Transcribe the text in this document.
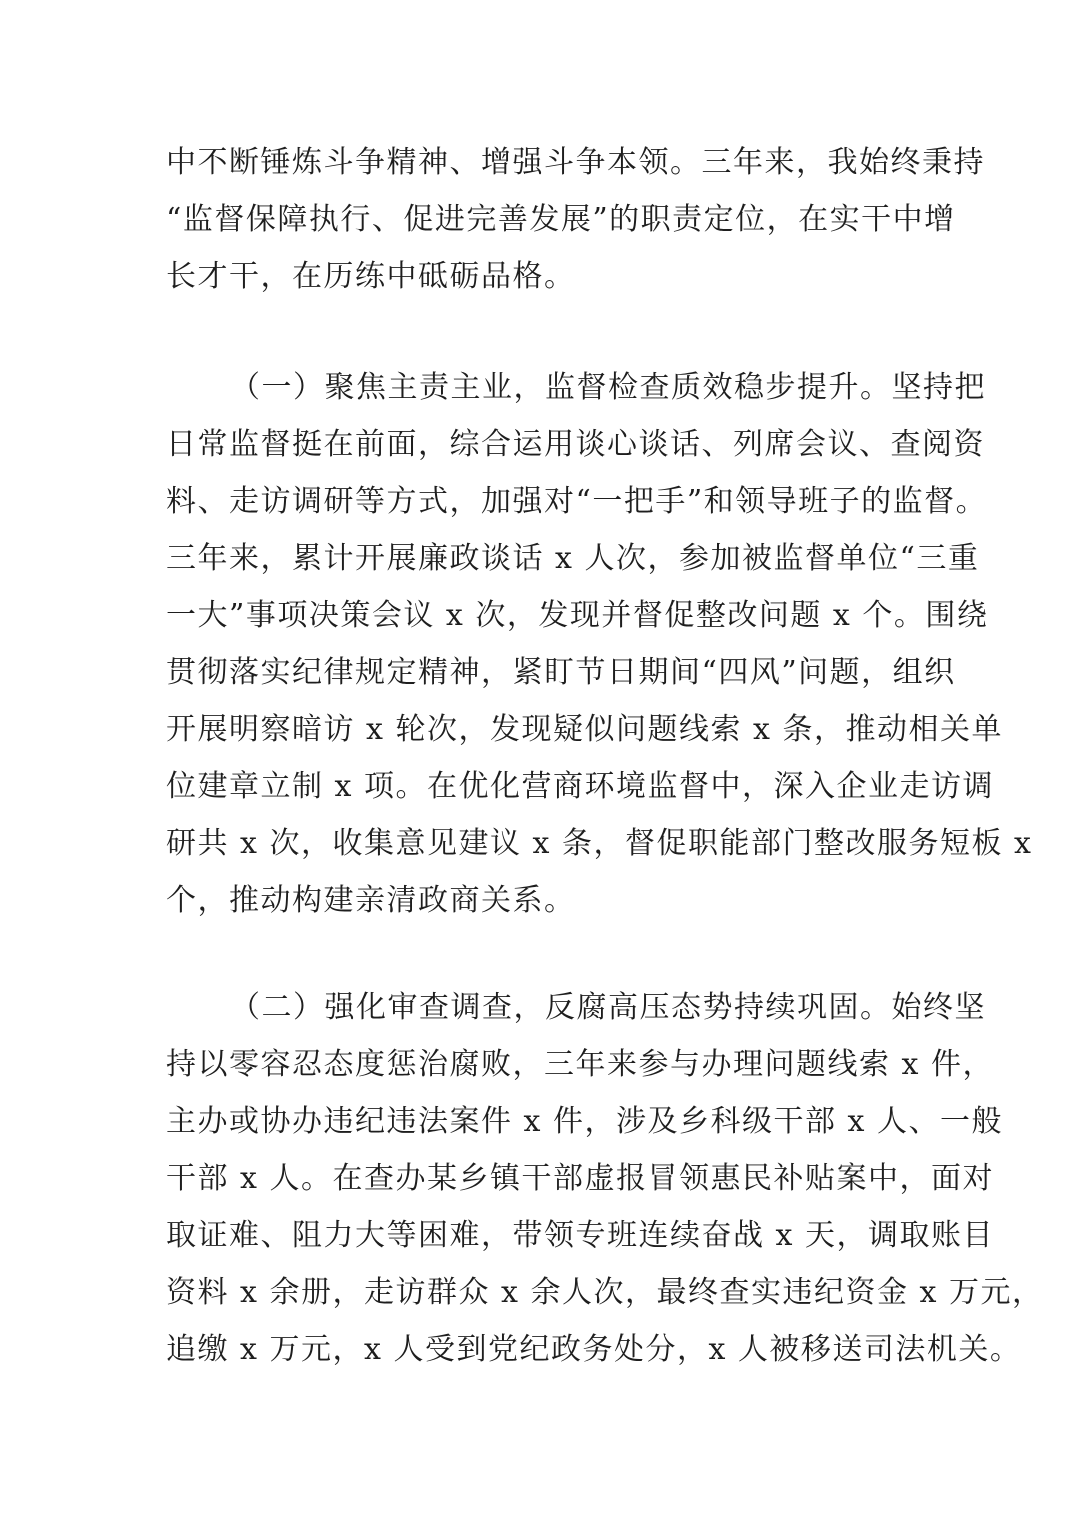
中不断锤炼斗争精神、增强斗争本领。三年来，我始终秉持
“监督保障执行、促进完善发展”的职责定位，在实干中增
长才干，在历练中砥砺品格。
（一）聚焦主责主业，监督检查质效稳步提升。坚持把
日常监督挺在前面，综合运用谈心谈话、列席会议、查阅资
料、走访调研等方式，加强对“一把手”和领导班子的监督。
三年来，累计开展廉政谈话 x 人次，参加被监督单位“三重
一大”事项决策会议 x 次，发现并督促整改问题 x 个。围绕
贯彻落实纪律规定精神，紧盯节日期间“四风”问题，组织
开展明察暗访 x 轮次，发现疑似问题线索 x 条，推动相关单
位建章立制 x 项。在优化营商环境监督中，深入企业走访调
研共 x 次，收集意见建议 x 条，督促职能部门整改服务短板 x
个，推动构建亲清政商关系。
（二）强化审查调查，反腐高压态势持续巩固。始终坚
持以零容忍态度惩治腐败，三年来参与办理问题线索 x 件，
主办或协办违纪违法案件 x 件，涉及乡科级干部 x 人、一般
干部 x 人。在查办某乡镇干部虚报冒领惠民补贴案中，面对
取证难、阻力大等困难，带领专班连续奋战 x 天，调取账目
资料 x 余册，走访群众 x 余人次，最终查实违纪资金 x 万元，
追缴 x 万元，x 人受到党纪政务处分，x 人被移送司法机关。
